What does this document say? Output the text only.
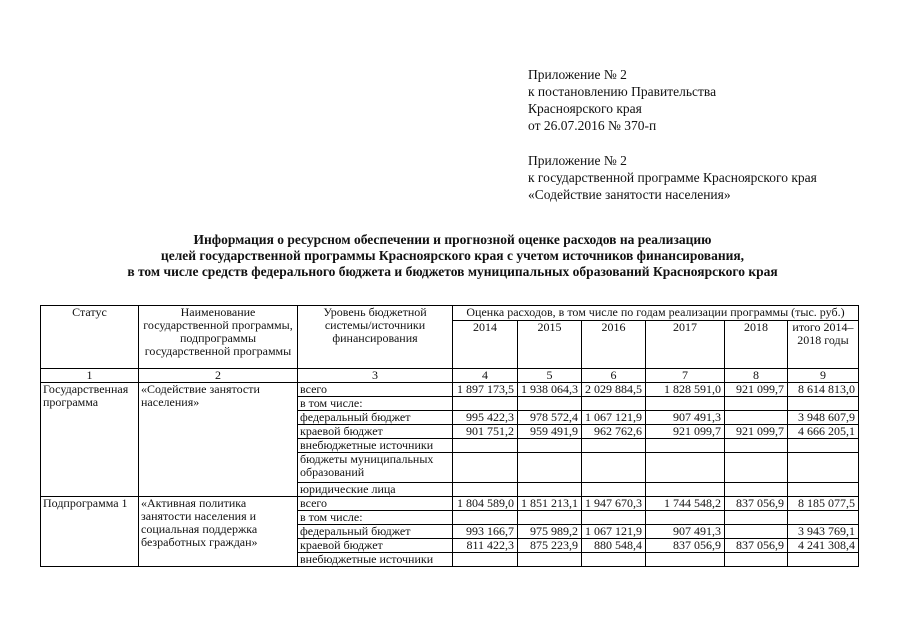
Приложение № 2
к постановлению Правительства
Красноярского края
от 26.07.2016 № 370-п
Приложение № 2
к государственной программе Красноярского края
«Содействие занятости населения»
Информация о ресурсном обеспечении и прогнозной оценке расходов на реализацию
целей государственной программы Красноярского края с учетом источников финансирования,
в том числе средств федерального бюджета и бюджетов муниципальных образований Красноярского края
Статус	Наименование государственной программы, подпрограммы государственной программы	Уровень бюджетной системы/источники финансирования	Оценка расходов, в том числе по годам реализации программы (тыс. руб.)					
			2014	2015	2016	2017	2018	итого 2014–2018 годы
1	2	3	4	5	6	7	8	9
Государственная программа	«Содействие занятости населения»	всего	1 897 173,5	1 938 064,3	2 029 884,5	1 828 591,0	921 099,7	8 614 813,0
		в том числе:						
		федеральный бюджет	995 422,3	978 572,4	1 067 121,9	907 491,3		3 948 607,9
		краевой бюджет	901 751,2	959 491,9	962 762,6	921 099,7	921 099,7	4 666 205,1
		внебюджетные источники						
		бюджеты муниципальных образований						
		юридические лица						
Подпрограмма 1	«Активная политика занятости населения и социальная поддержка безработных граждан»	всего	1 804 589,0	1 851 213,1	1 947 670,3	1 744 548,2	837 056,9	8 185 077,5
		в том числе:						
		федеральный бюджет	993 166,7	975 989,2	1 067 121,9	907 491,3		3 943 769,1
		краевой бюджет	811 422,3	875 223,9	880 548,4	837 056,9	837 056,9	4 241 308,4
		внебюджетные источники						
